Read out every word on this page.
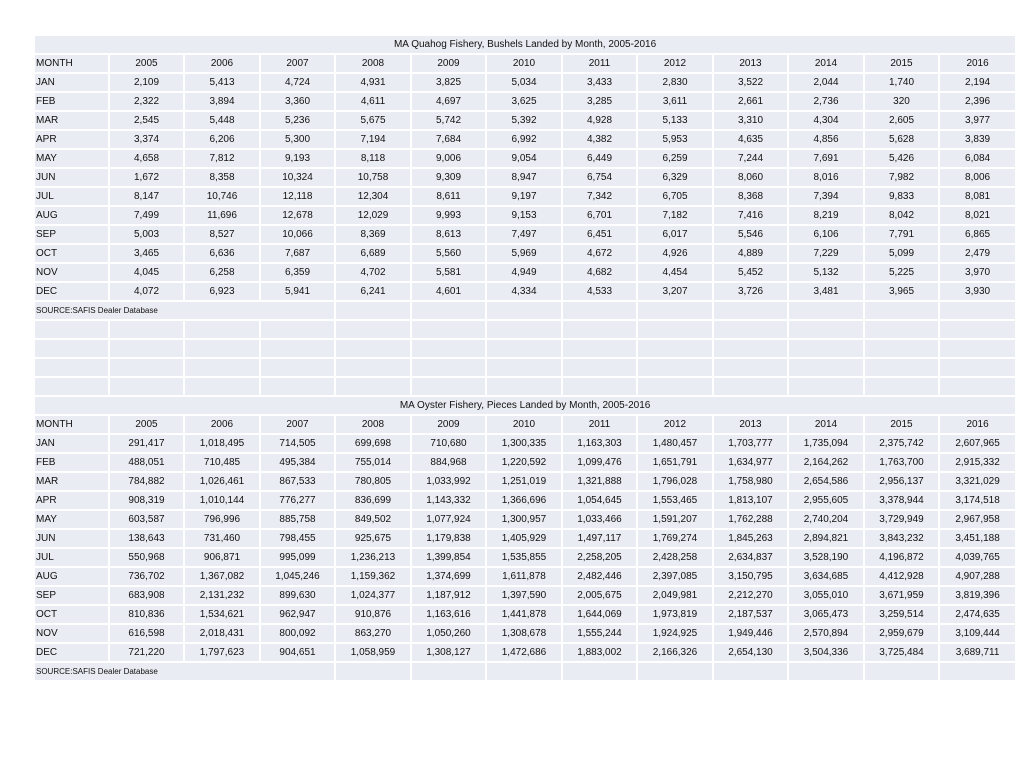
MA Quahog Fishery, Bushels Landed by Month, 2005-2016												
MONTH	2005	2006	2007	2008	2009	2010	2011	2012	2013	2014	2015	2016
JAN	2,109	5,413	4,724	4,931	3,825	5,034	3,433	2,830	3,522	2,044	1,740	2,194
FEB	2,322	3,894	3,360	4,611	4,697	3,625	3,285	3,611	2,661	2,736	320	2,396
MAR	2,545	5,448	5,236	5,675	5,742	5,392	4,928	5,133	3,310	4,304	2,605	3,977
APR	3,374	6,206	5,300	7,194	7,684	6,992	4,382	5,953	4,635	4,856	5,628	3,839
MAY	4,658	7,812	9,193	8,118	9,006	9,054	6,449	6,259	7,244	7,691	5,426	6,084
JUN	1,672	8,358	10,324	10,758	9,309	8,947	6,754	6,329	8,060	8,016	7,982	8,006
JUL	8,147	10,746	12,118	12,304	8,611	9,197	7,342	6,705	8,368	7,394	9,833	8,081
AUG	7,499	11,696	12,678	12,029	9,993	9,153	6,701	7,182	7,416	8,219	8,042	8,021
SEP	5,003	8,527	10,066	8,369	8,613	7,497	6,451	6,017	5,546	6,106	7,791	6,865
OCT	3,465	6,636	7,687	6,689	5,560	5,969	4,672	4,926	4,889	7,229	5,099	2,479
NOV	4,045	6,258	6,359	4,702	5,581	4,949	4,682	4,454	5,452	5,132	5,225	3,970
DEC	4,072	6,923	5,941	6,241	4,601	4,334	4,533	3,207	3,726	3,481	3,965	3,930
SOURCE:SAFIS Dealer Database												

MA Oyster Fishery, Pieces Landed by Month, 2005-2016												
MONTH	2005	2006	2007	2008	2009	2010	2011	2012	2013	2014	2015	2016
JAN	291,417	1,018,495	714,505	699,698	710,680	1,300,335	1,163,303	1,480,457	1,703,777	1,735,094	2,375,742	2,607,965
FEB	488,051	710,485	495,384	755,014	884,968	1,220,592	1,099,476	1,651,791	1,634,977	2,164,262	1,763,700	2,915,332
MAR	784,882	1,026,461	867,533	780,805	1,033,992	1,251,019	1,321,888	1,796,028	1,758,980	2,654,586	2,956,137	3,321,029
APR	908,319	1,010,144	776,277	836,699	1,143,332	1,366,696	1,054,645	1,553,465	1,813,107	2,955,605	3,378,944	3,174,518
MAY	603,587	796,996	885,758	849,502	1,077,924	1,300,957	1,033,466	1,591,207	1,762,288	2,740,204	3,729,949	2,967,958
JUN	138,643	731,460	798,455	925,675	1,179,838	1,405,929	1,497,117	1,769,274	1,845,263	2,894,821	3,843,232	3,451,188
JUL	550,968	906,871	995,099	1,236,213	1,399,854	1,535,855	2,258,205	2,428,258	2,634,837	3,528,190	4,196,872	4,039,765
AUG	736,702	1,367,082	1,045,246	1,159,362	1,374,699	1,611,878	2,482,446	2,397,085	3,150,795	3,634,685	4,412,928	4,907,288
SEP	683,908	2,131,232	899,630	1,024,377	1,187,912	1,397,590	2,005,675	2,049,981	2,212,270	3,055,010	3,671,959	3,819,396
OCT	810,836	1,534,621	962,947	910,876	1,163,616	1,441,878	1,644,069	1,973,819	2,187,537	3,065,473	3,259,514	2,474,635
NOV	616,598	2,018,431	800,092	863,270	1,050,260	1,308,678	1,555,244	1,924,925	1,949,446	2,570,894	2,959,679	3,109,444
DEC	721,220	1,797,623	904,651	1,058,959	1,308,127	1,472,686	1,883,002	2,166,326	2,654,130	3,504,336	3,725,484	3,689,711
SOURCE:SAFIS Dealer Database												
